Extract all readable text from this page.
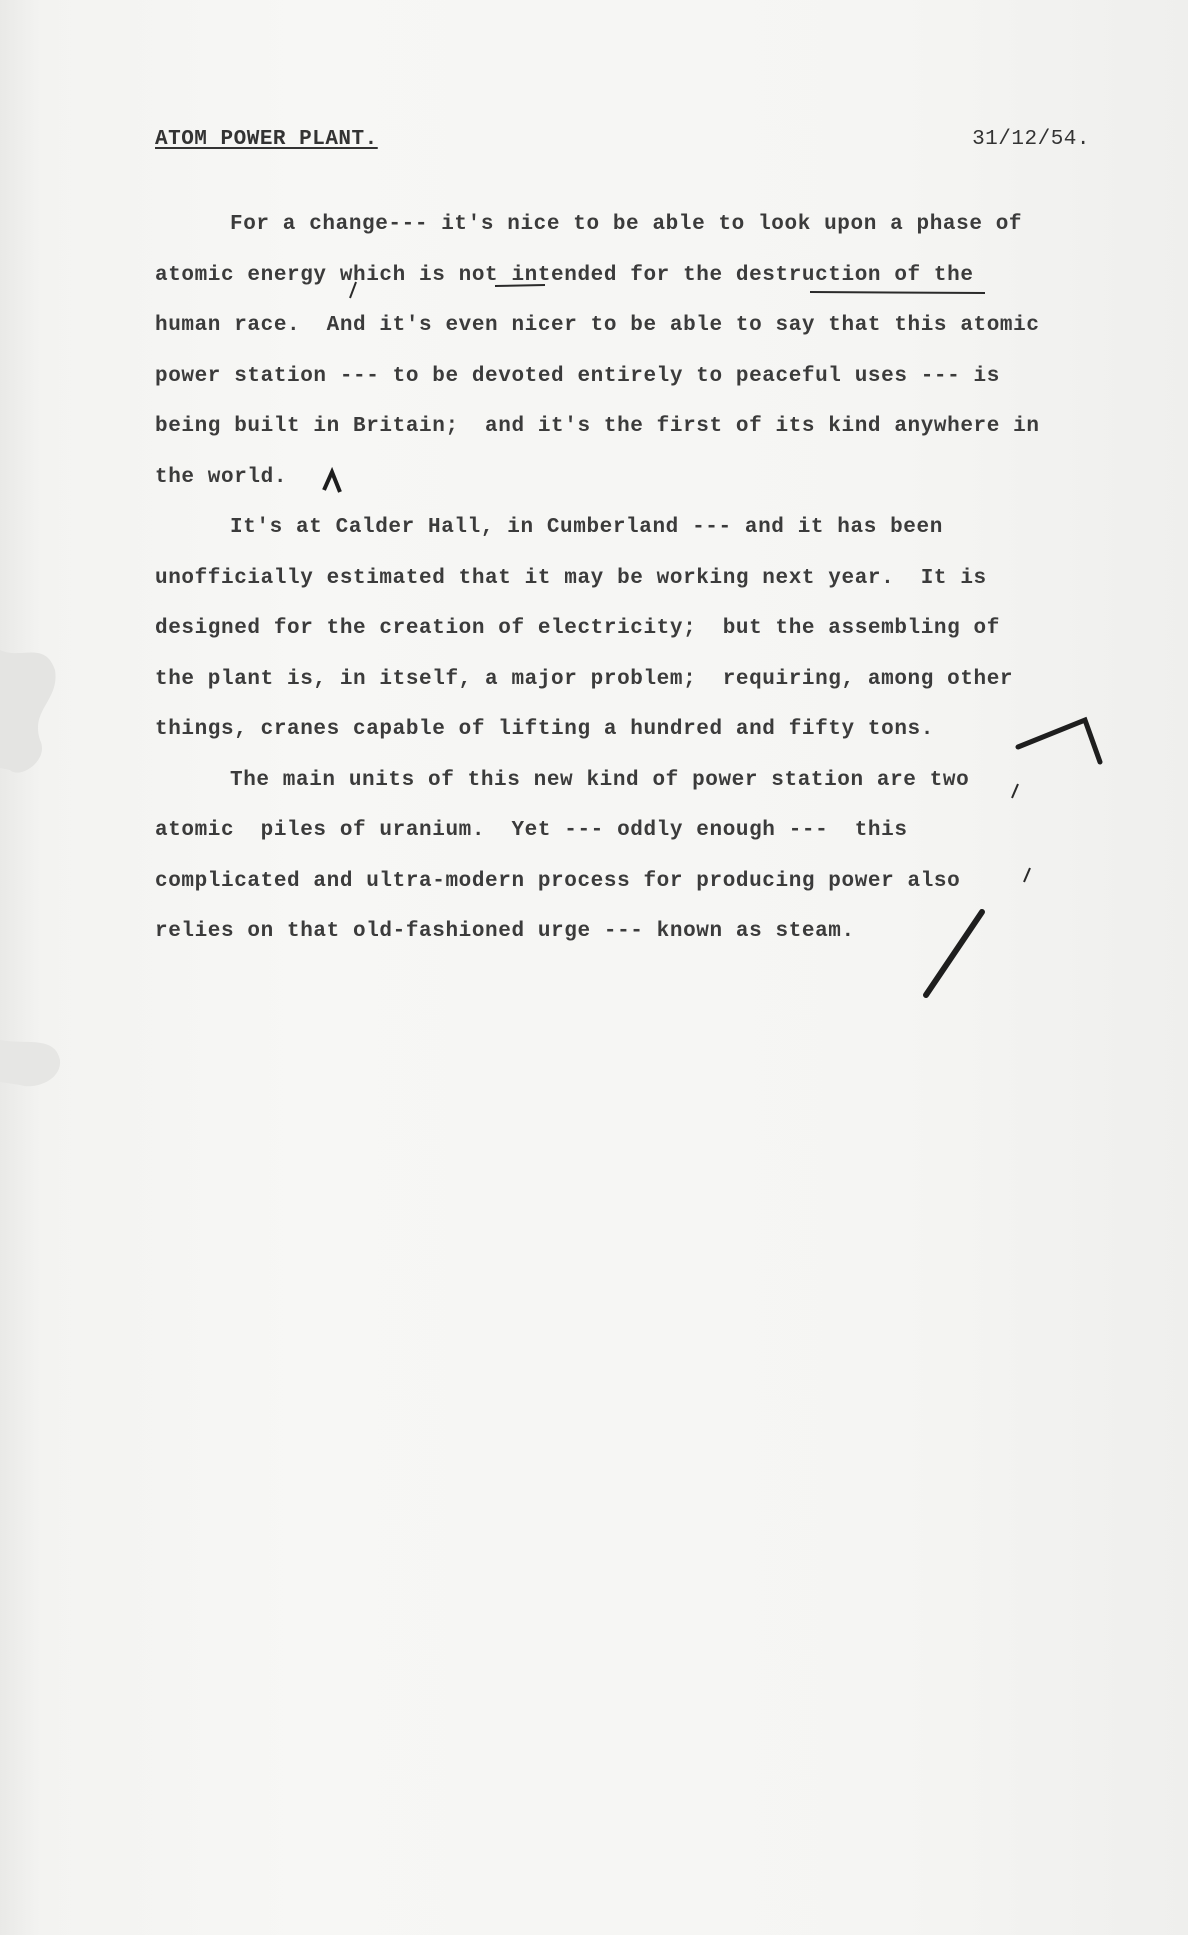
ATOM POWER PLANT.	31/12/54.
For a change--- it's nice to be able to look upon a phase of
atomic energy which is not intended for the destruction of the
human race.  And it's even nicer to be able to say that this atomic
power station --- to be devoted entirely to peaceful uses --- is
being built in Britain;  and it's the first of its kind anywhere in
the world.
It's at Calder Hall, in Cumberland --- and it has been
unofficially estimated that it may be working next year.  It is
designed for the creation of electricity;  but the assembling of
the plant is, in itself, a major problem;  requiring, among other
things, cranes capable of lifting a hundred and fifty tons.
The main units of this new kind of power station are two
atomic  piles of uranium.  Yet --- oddly enough ---  this
complicated and ultra-modern process for producing power also
relies on that old-fashioned urge --- known as steam.
